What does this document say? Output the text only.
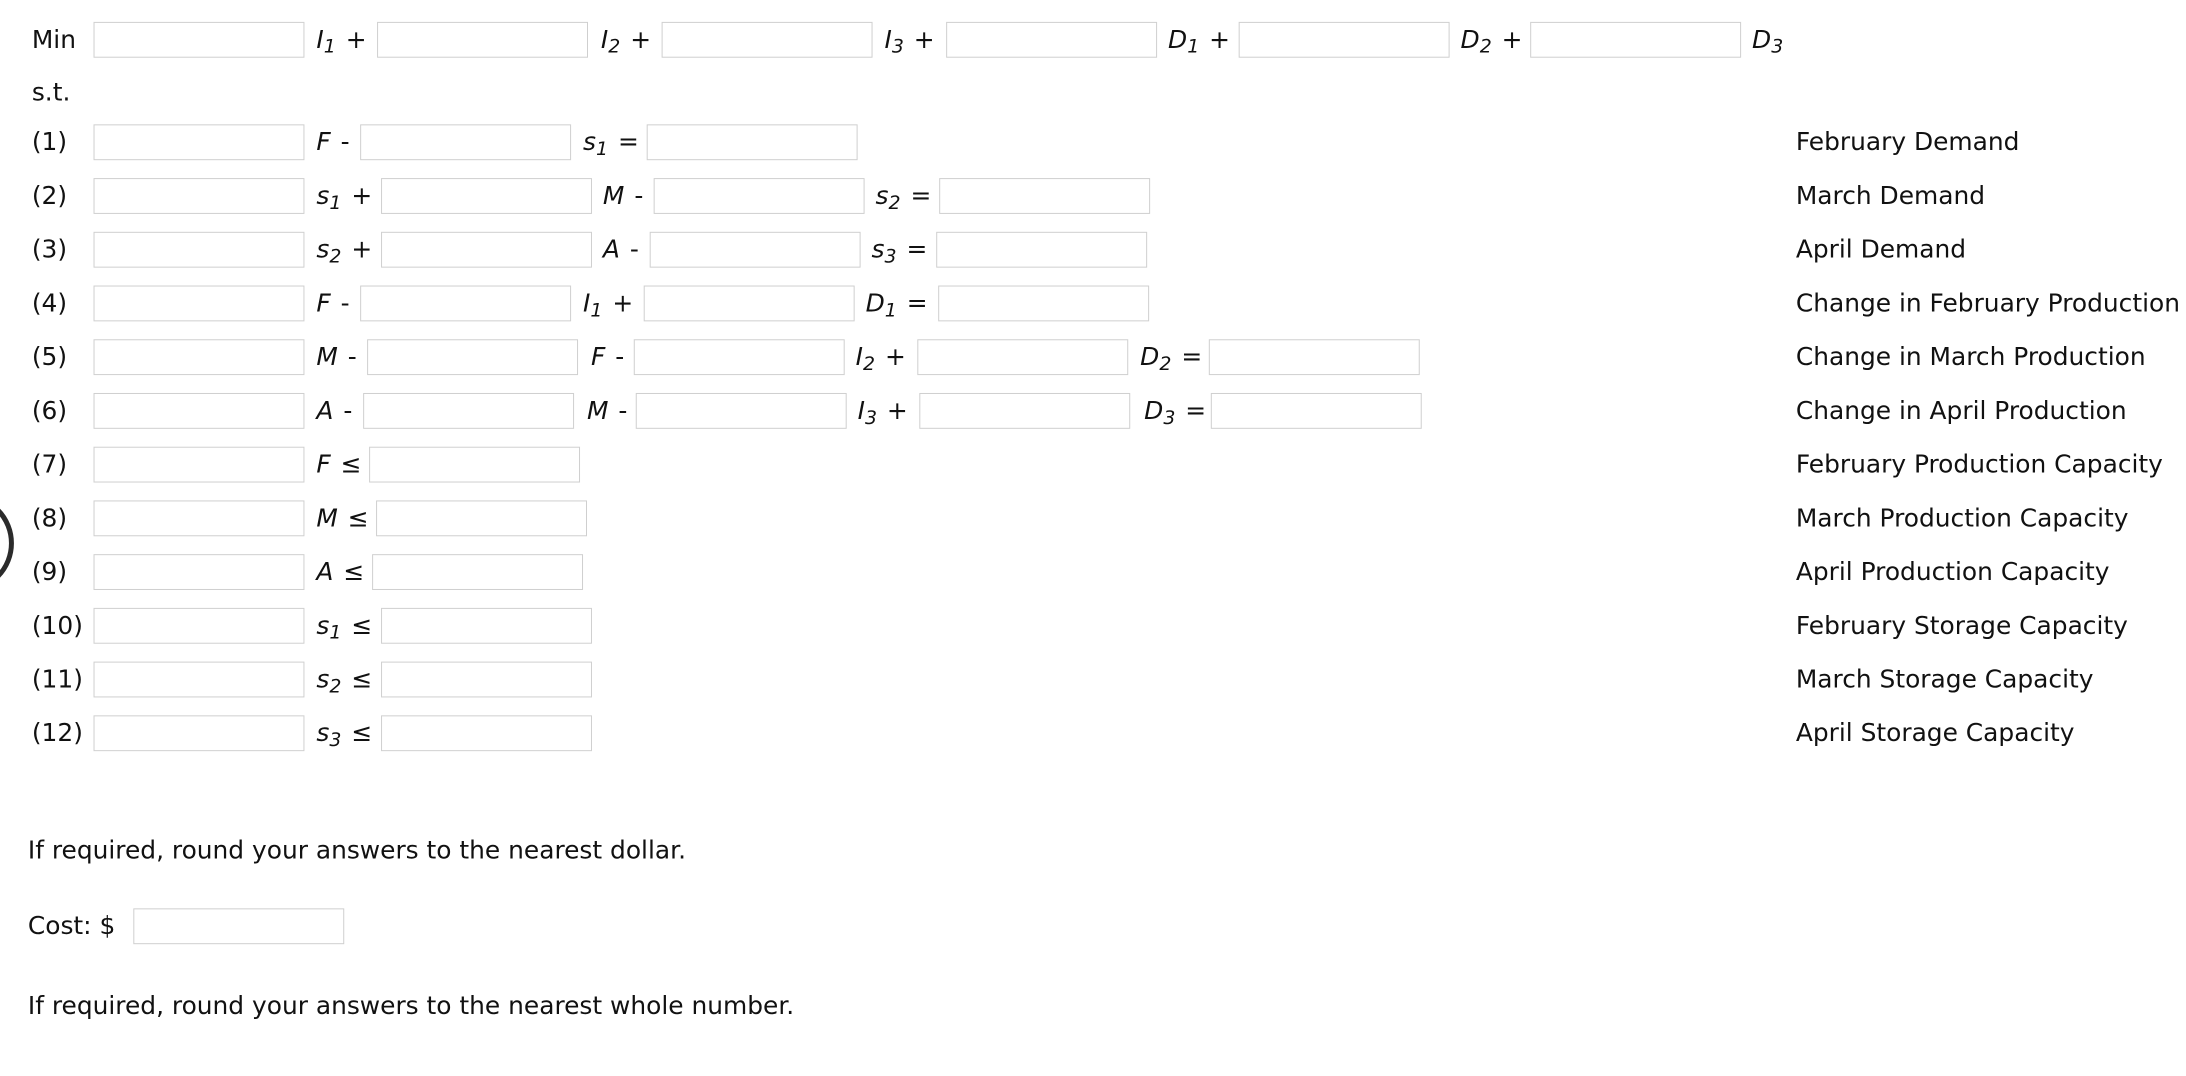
Min	$I_1$ +	$I_2$ +	$I_3$ +	$D_1$ +	$D_2$ +	$D_3$
s.t.
(1)	F -	$s_1$ =	February Demand
(2)	$s_1$ +	M -	$s_2$ =	March Demand
(3)	$s_2$ +	A -	$s_3$ =	April Demand
(4)	F -	$I_1$ +	$D_1$ =	Change in February Production
(5)	M -	F -	$I_2$ +	$D_2$ =	Change in March Production
(6)	A -	M -	$I_3$ +	$D_3$ =	Change in April Production
(7)	F ≤	February Production Capacity
(8)	M ≤	March Production Capacity
(9)	A ≤	April Production Capacity
(10)	$s_1$ ≤	February Storage Capacity
(11)	$s_2$ ≤	March Storage Capacity
(12)	$s_3$ ≤	April Storage Capacity
If required, round your answers to the nearest dollar.
Cost: $
If required, round your answers to the nearest whole number.
